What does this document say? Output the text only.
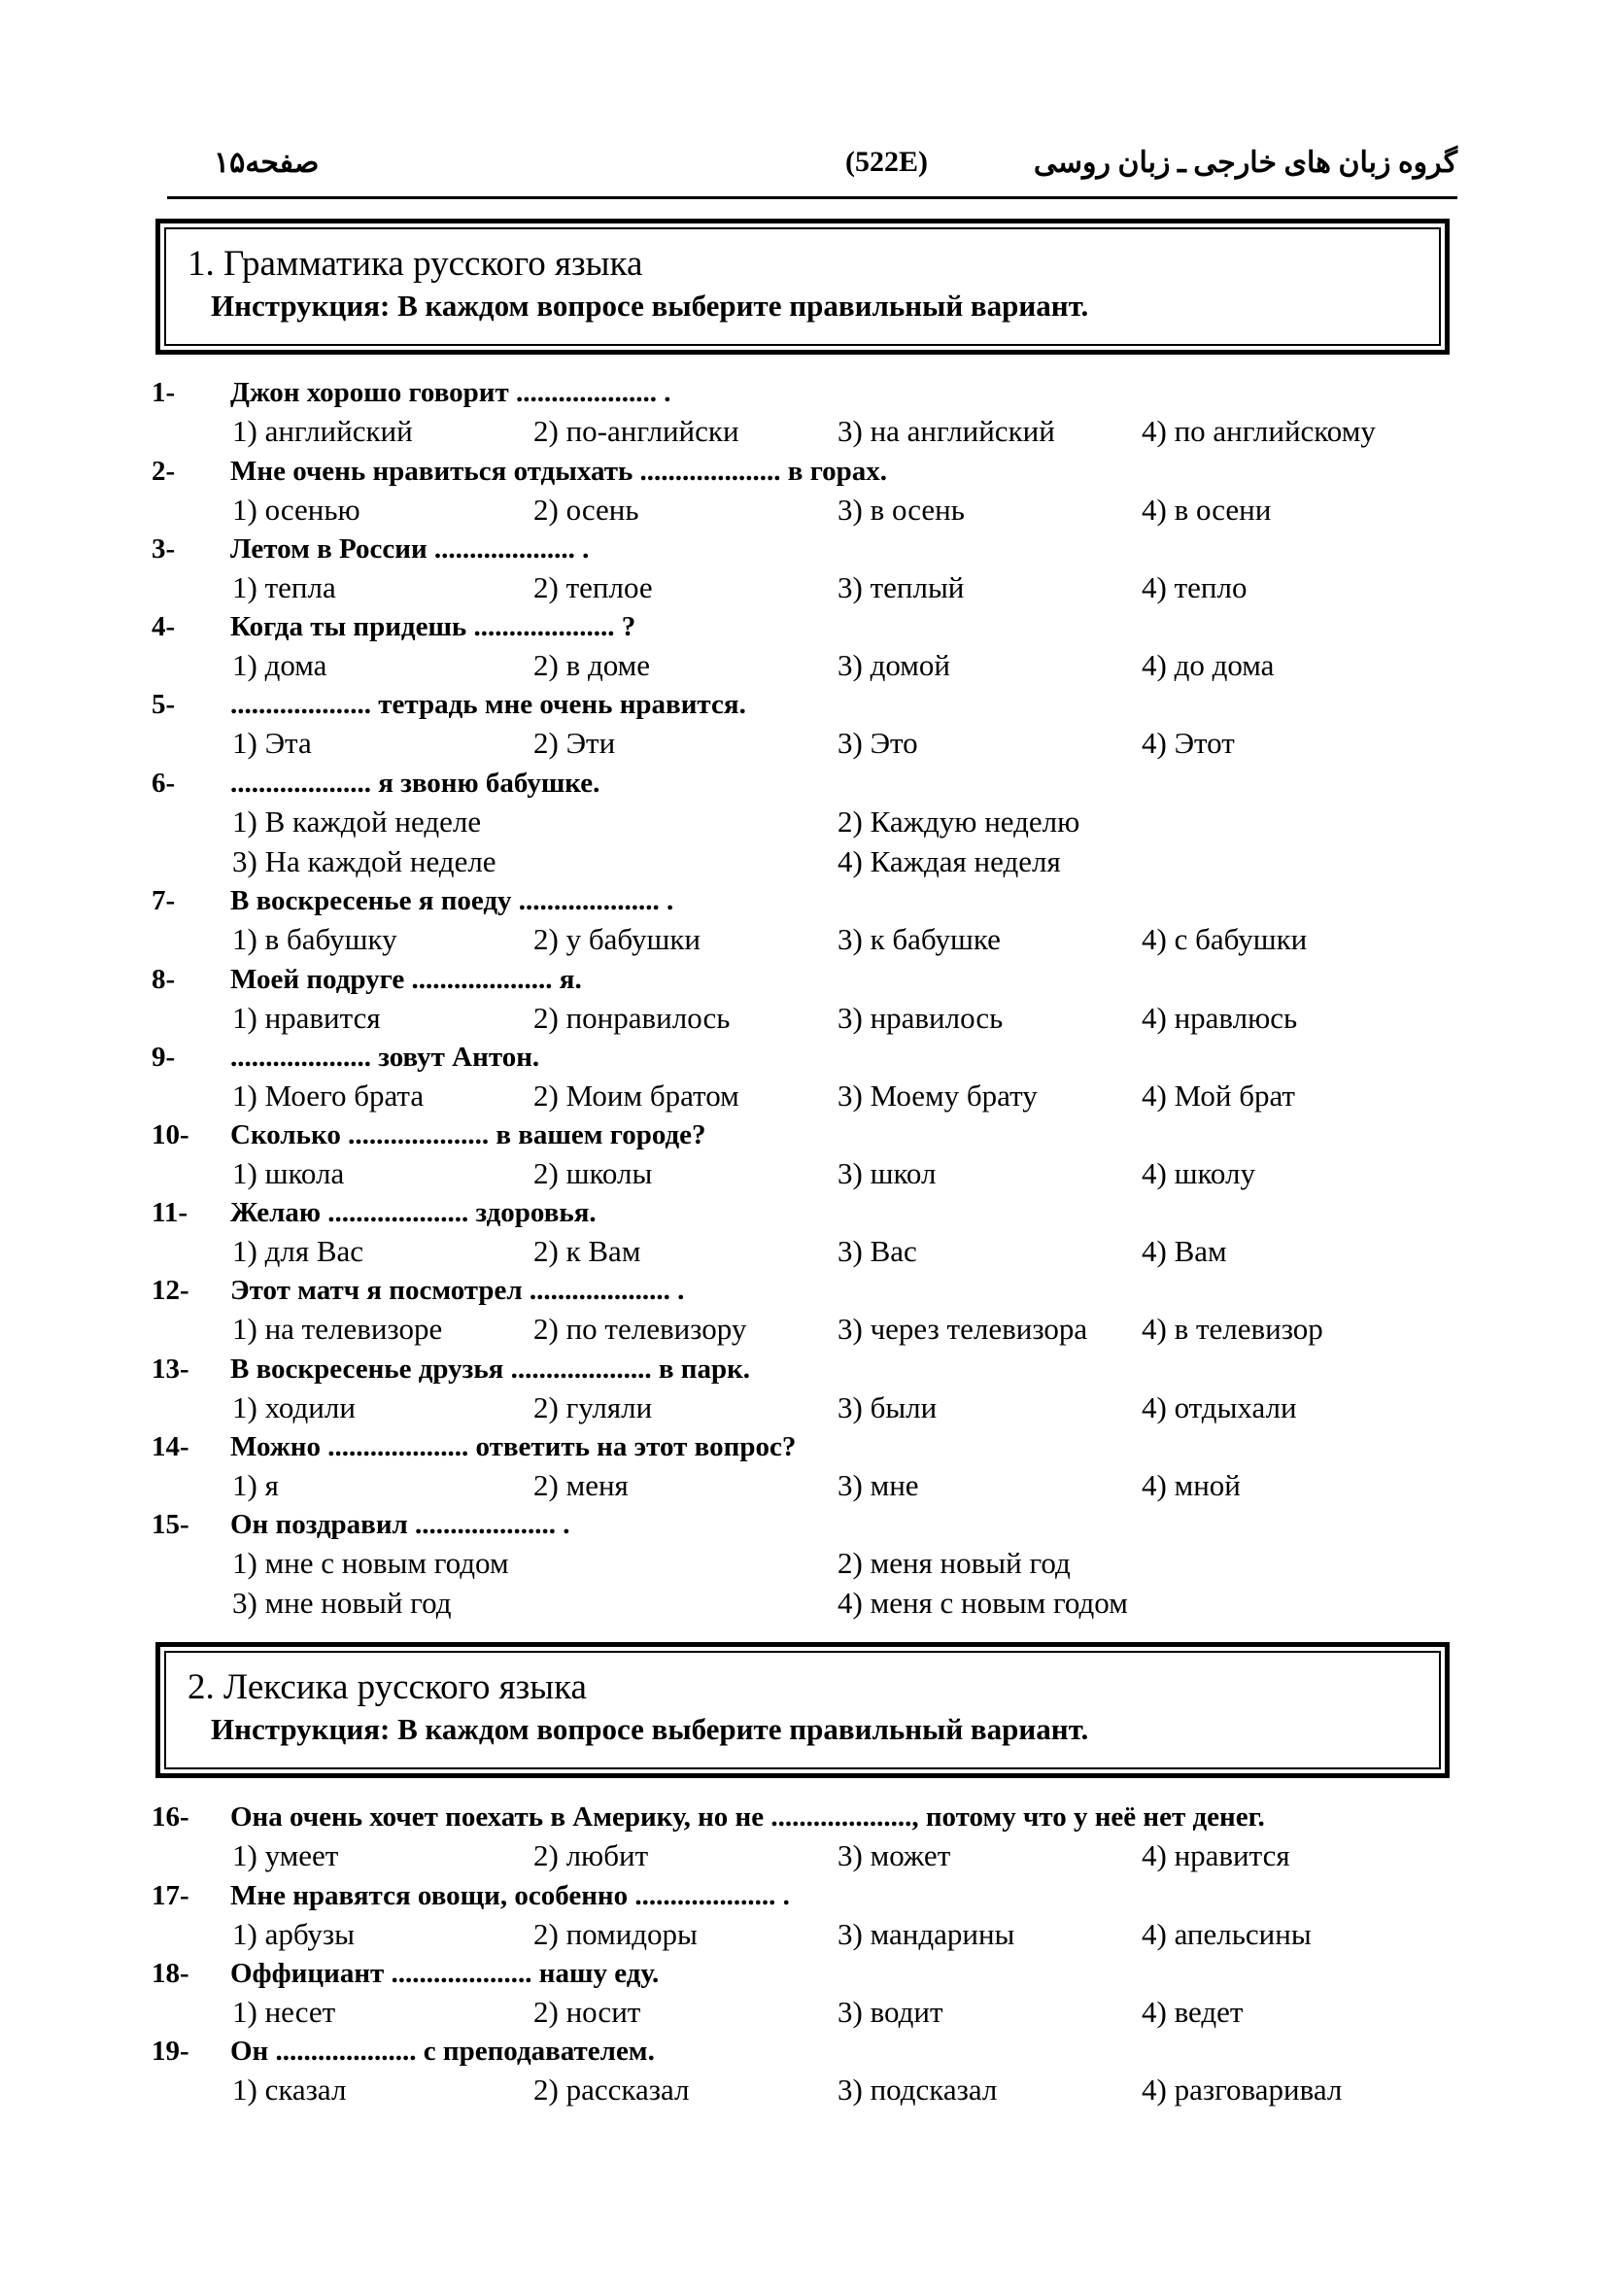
صفحه۱۵	(522E)	گروه زبان های خارجی ـ زبان روسی
1. Грамматика русского языка
Инструкция: В каждом вопросе выберите правильный вариант.
2. Лексика русского языка
Инструкция: В каждом вопросе выберите правильный вариант.
1-	Джон хорошо говорит .................... .
1) английский	2) по-английски	3) на английский	4) по английскому
2-	Мне очень нравиться отдыхать .................... в горах.
1) осенью	2) осень	3) в осень	4) в осени
3-	Летом в России .................... .
1) тепла	2) теплое	3) теплый	4) тепло
4-	Когда ты придешь .................... ?
1) дома	2) в доме	3) домой	4) до дома
5-	.................... тетрадь мне очень нравится.
1) Эта	2) Эти	3) Это	4) Этот
6-	.................... я звоню бабушке.
1) В каждой неделе	2) Каждую неделю
3) На каждой неделе	4) Каждая неделя
7-	В воскресенье я поеду .................... .
1) в бабушку	2) у бабушки	3) к бабушке	4) с бабушки
8-	Моей подруге .................... я.
1) нравится	2) понравилось	3) нравилось	4) нравлюсь
9-	.................... зовут Антон.
1) Моего брата	2) Моим братом	3) Моему брату	4) Мой брат
10-	Сколько .................... в вашем городе?
1) школа	2) школы	3) школ	4) школу
11-	Желаю .................... здоровья.
1) для Вас	2) к Вам	3) Вас	4) Вам
12-	Этот матч я посмотрел .................... .
1) на телевизоре	2) по телевизору	3) через телевизора 4) в телевизор
13-	В воскресенье друзья .................... в парк.
1) ходили	2) гуляли	3) были	4) отдыхали
14-	Можно .................... ответить на этот вопрос?
1) я	2) меня	3) мне	4) мной
15-	Он поздравил .................... .
1) мне с новым годом	2) меня новый год
3) мне новый год	4) меня с новым годом
16-	Она очень хочет поехать в Америку, но не ...................., потому что у неё нет денег.
1) умеет	2) любит	3) может	4) нравится
17-	Мне нравятся овощи, особенно .................... .
1) арбузы	2) помидоры	3) мандарины	4) апельсины
18-	Оффициант .................... нашу еду.
1) несет	2) носит	3) водит	4) ведет
19-	Он .................... с преподавателем.
1) сказал	2) рассказал	3) подсказал	4) разговаривал
